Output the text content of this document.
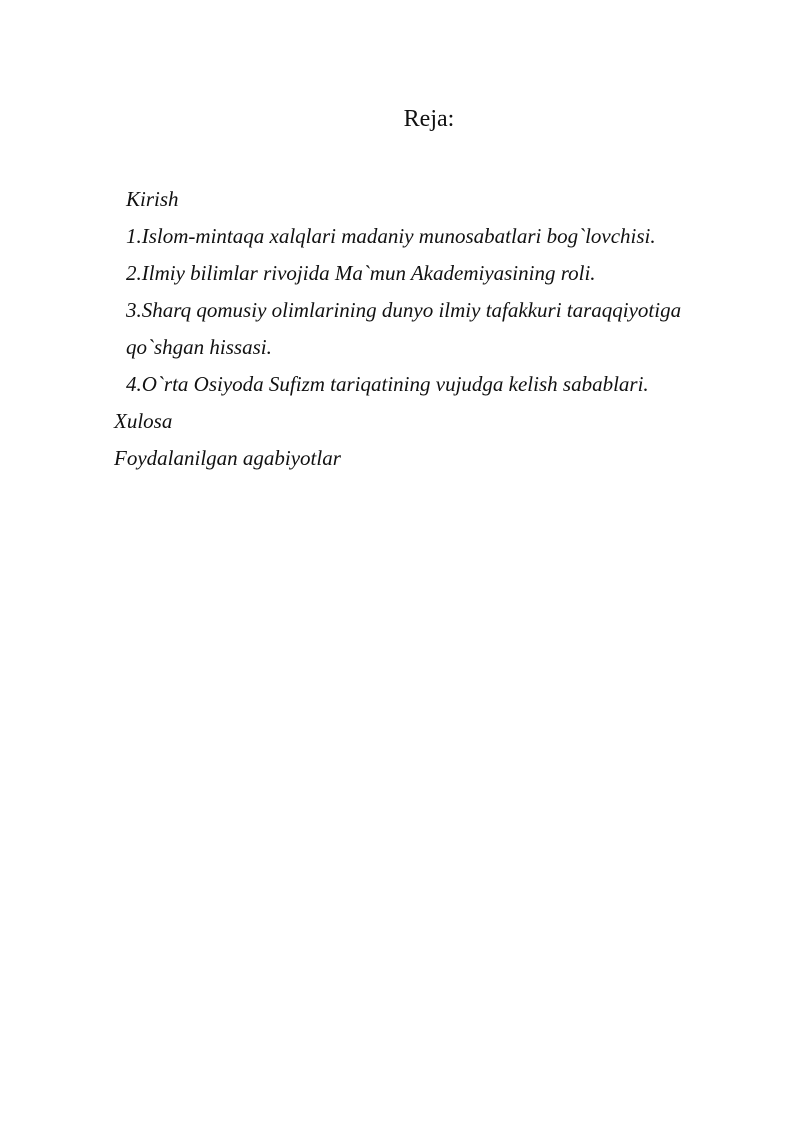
Reja:
Kirish
1.Islom-mintaqa xalqlari madaniy munosabatlari bog`lovchisi.
2.Ilmiy bilimlar rivojida Ma`mun Akademiyasining roli.
3.Sharq qomusiy olimlarining dunyo ilmiy tafakkuri taraqqiyotiga
qo`shgan hissasi.
4.O`rta Osiyoda Sufizm tariqatining vujudga kelish sabablari.
Xulosa
Foydalanilgan agabiyotlar
